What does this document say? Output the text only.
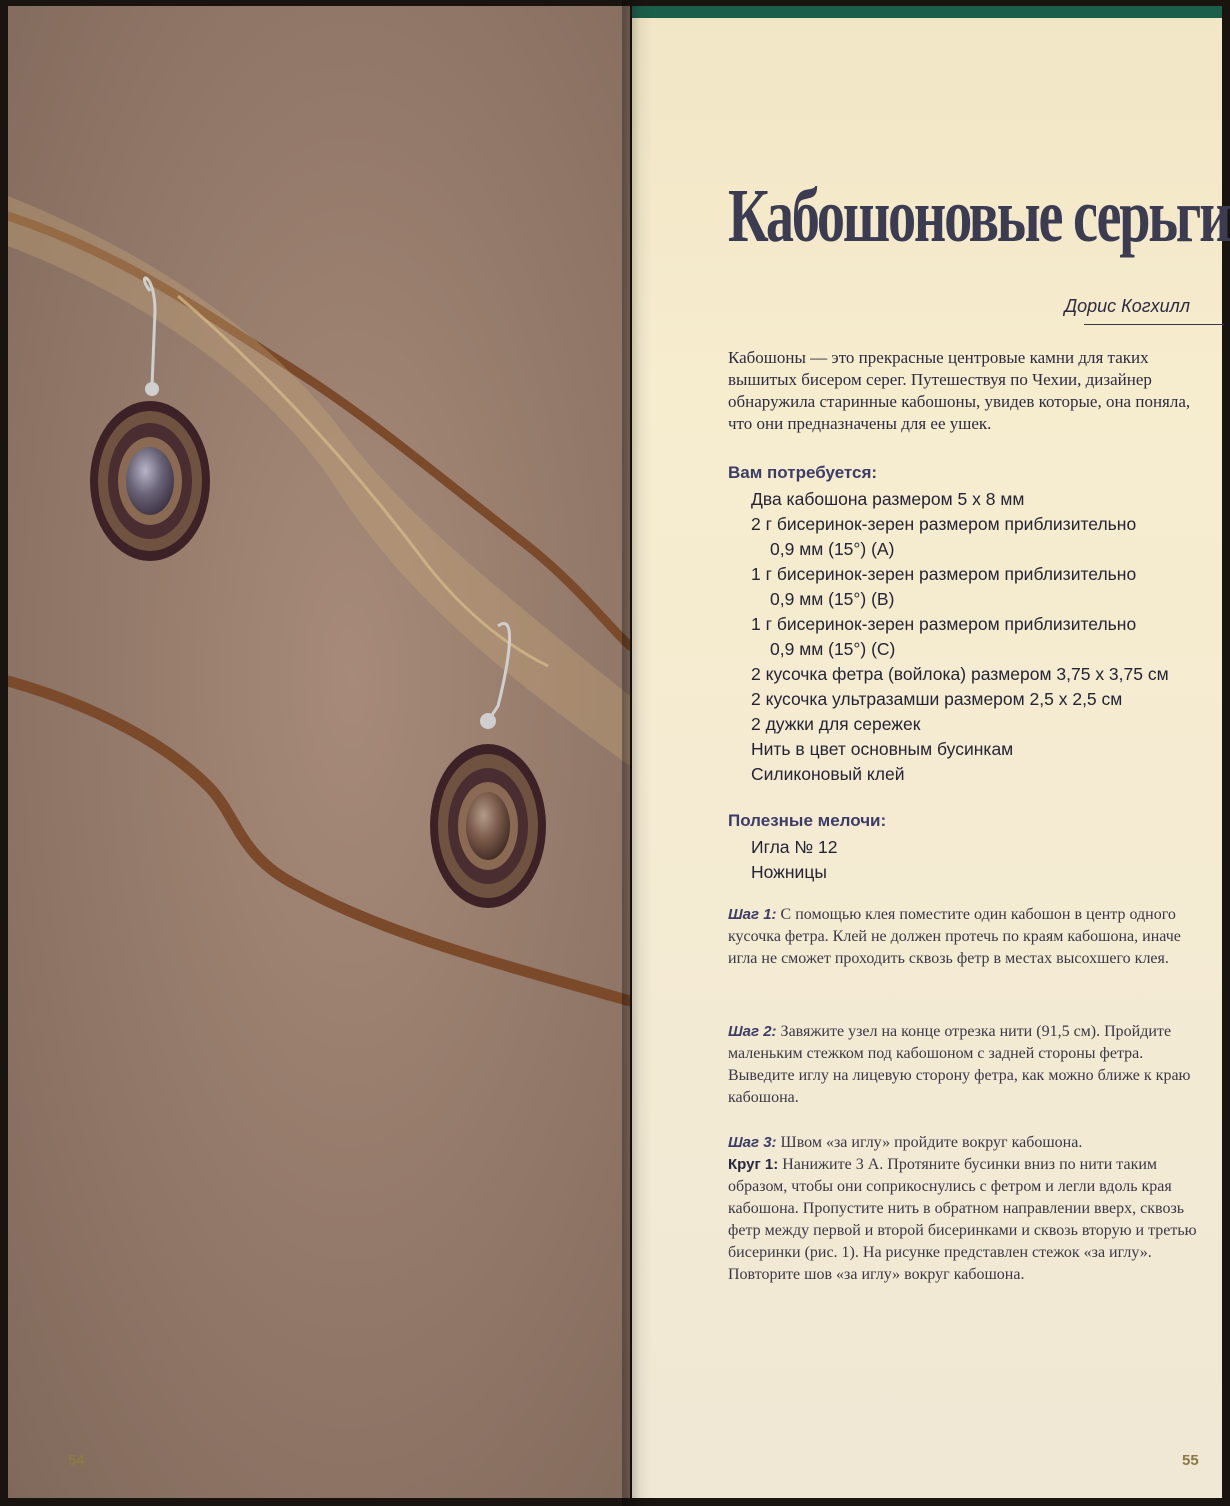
54
Кабошоновые серьги
Дорис Когхилл

Кабошоны — это прекрасные центровые камни для таких вышитых бисером серег. Путешествуя по Чехии, дизайнер обнаружила старинные кабошоны, увидев которые, она поняла, что они предназначены для ее ушек.

Вам потребуется:

Два кабошона размером 5 х 8 мм

2 г бисеринок-зерен размером приблизительно

0,9 мм (15°) (А)

1 г бисеринок-зерен размером приблизительно

0,9 мм (15°) (В)

1 г бисеринок-зерен размером приблизительно

0,9 мм (15°) (С)

2 кусочка фетра (войлока) размером 3,75 х 3,75 см

2 кусочка ультразамши размером 2,5 х 2,5 см

2 дужки для сережек

Нить в цвет основным бусинкам

Силиконовый клей

Полезные мелочи:

Игла № 12

Ножницы

Шаг 1: С помощью клея поместите один кабошон в центр одного кусочка фетра. Клей не должен протечь по краям кабошона, иначе игла не сможет проходить сквозь фетр в местах высохшего клея.

Шаг 2: Завяжите узел на конце отрезка нити (91,5 см). Пройдите маленьким стежком под кабошоном с задней стороны фетра. Выведите иглу на лицевую сторону фетра, как можно ближе к краю кабошона.

Шаг 3: Швом «за иглу» пройдите вокруг кабошона.
Круг 1: Нанижите 3 А. Протяните бусинки вниз по нити таким образом, чтобы они соприкоснулись с фетром и легли вдоль края кабошона. Пропустите нить в обратном направлении вверх, сквозь фетр между первой и второй бисеринками и сквозь вторую и третью бисеринки (рис. 1). На рисунке представлен стежок «за иглу». Повторите шов «за иглу» вокруг кабошона.

55
